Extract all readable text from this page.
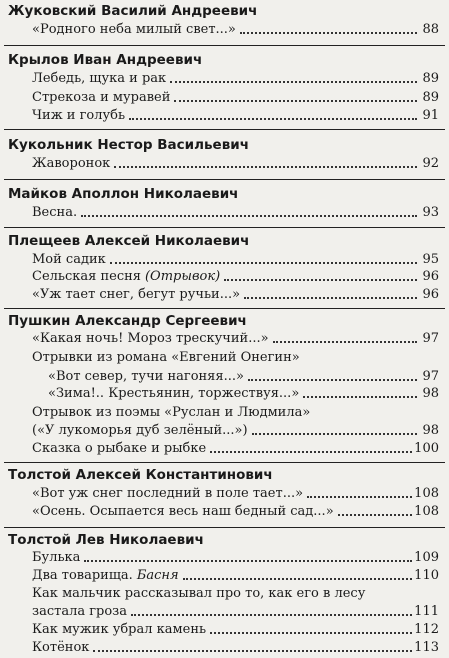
Жуковский Василий Андреевич
«Родного неба милый свет...»	88
Крылов Иван Андреевич
Лебедь, щука и рак	89
Стрекоза и муравей	89
Чиж и голубь	91
Кукольник Нестор Васильевич
Жаворонок	92
Майков Аполлон Николаевич
Весна.	93
Плещеев Алексей Николаевич
Мой садик	95
Сельская песня (Отрывок)	96
«Уж тает снег, бегут ручьи...»	96
Пушкин Александр Сергеевич
«Какая ночь! Мороз трескучий...»	97
Отрывки из романа «Евгений Онегин»
«Вот север, тучи нагоняя...»	97
«Зима!.. Крестьянин, торжествуя...»	98
Отрывок из поэмы «Руслан и Людмила»
(«У лукоморья дуб зелёный...»)	98
Сказка о рыбаке и рыбке	100
Толстой Алексей Константинович
«Вот уж снег последний в поле тает...»	108
«Осень. Осыпается весь наш бедный сад...»	108
Толстой Лев Николаевич
Булька	109
Два товарища. Басня	110
Как мальчик рассказывал про то, как его в лесу
застала гроза	111
Как мужик убрал камень	112
Котёнок	113
